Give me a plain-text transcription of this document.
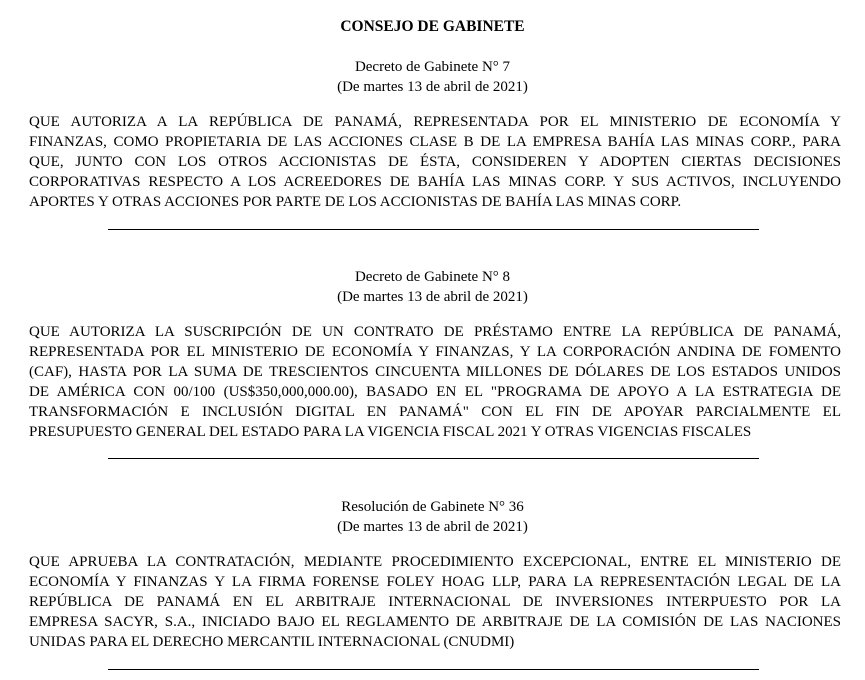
CONSEJO DE GABINETE
Decreto de Gabinete N° 7
(De martes 13 de abril de 2021)
QUE AUTORIZA A LA REPÚBLICA DE PANAMÁ, REPRESENTADA POR EL MINISTERIO DE ECONOMÍA Y
FINANZAS, COMO PROPIETARIA DE LAS ACCIONES CLASE B DE LA EMPRESA BAHÍA LAS MINAS CORP., PARA
QUE, JUNTO CON LOS OTROS ACCIONISTAS DE ÉSTA, CONSIDEREN Y ADOPTEN CIERTAS DECISIONES
CORPORATIVAS RESPECTO A LOS ACREEDORES DE BAHÍA LAS MINAS CORP. Y SUS ACTIVOS, INCLUYENDO
APORTES Y OTRAS ACCIONES POR PARTE DE LOS ACCIONISTAS DE BAHÍA LAS MINAS CORP.
Decreto de Gabinete N° 8
(De martes 13 de abril de 2021)
QUE AUTORIZA LA SUSCRIPCIÓN DE UN CONTRATO DE PRÉSTAMO ENTRE LA REPÚBLICA DE PANAMÁ,
REPRESENTADA POR EL MINISTERIO DE ECONOMÍA Y FINANZAS, Y LA CORPORACIÓN ANDINA DE FOMENTO
(CAF), HASTA POR LA SUMA DE TRESCIENTOS CINCUENTA MILLONES DE DÓLARES DE LOS ESTADOS UNIDOS
DE AMÉRICA CON 00/100 (US$350,000,000.00), BASADO EN EL "PROGRAMA DE APOYO A LA ESTRATEGIA DE
TRANSFORMACIÓN E INCLUSIÓN DIGITAL EN PANAMÁ" CON EL FIN DE APOYAR PARCIALMENTE EL
PRESUPUESTO GENERAL DEL ESTADO PARA LA VIGENCIA FISCAL 2021 Y OTRAS VIGENCIAS FISCALES
Resolución de Gabinete N° 36
(De martes 13 de abril de 2021)
QUE APRUEBA LA CONTRATACIÓN, MEDIANTE PROCEDIMIENTO EXCEPCIONAL, ENTRE EL MINISTERIO DE
ECONOMÍA Y FINANZAS Y LA FIRMA FORENSE FOLEY HOAG LLP, PARA LA REPRESENTACIÓN LEGAL DE LA
REPÚBLICA DE PANAMÁ EN EL ARBITRAJE INTERNACIONAL DE INVERSIONES INTERPUESTO POR LA
EMPRESA SACYR, S.A., INICIADO BAJO EL REGLAMENTO DE ARBITRAJE DE LA COMISIÓN DE LAS NACIONES
UNIDAS PARA EL DERECHO MERCANTIL INTERNACIONAL (CNUDMI)
